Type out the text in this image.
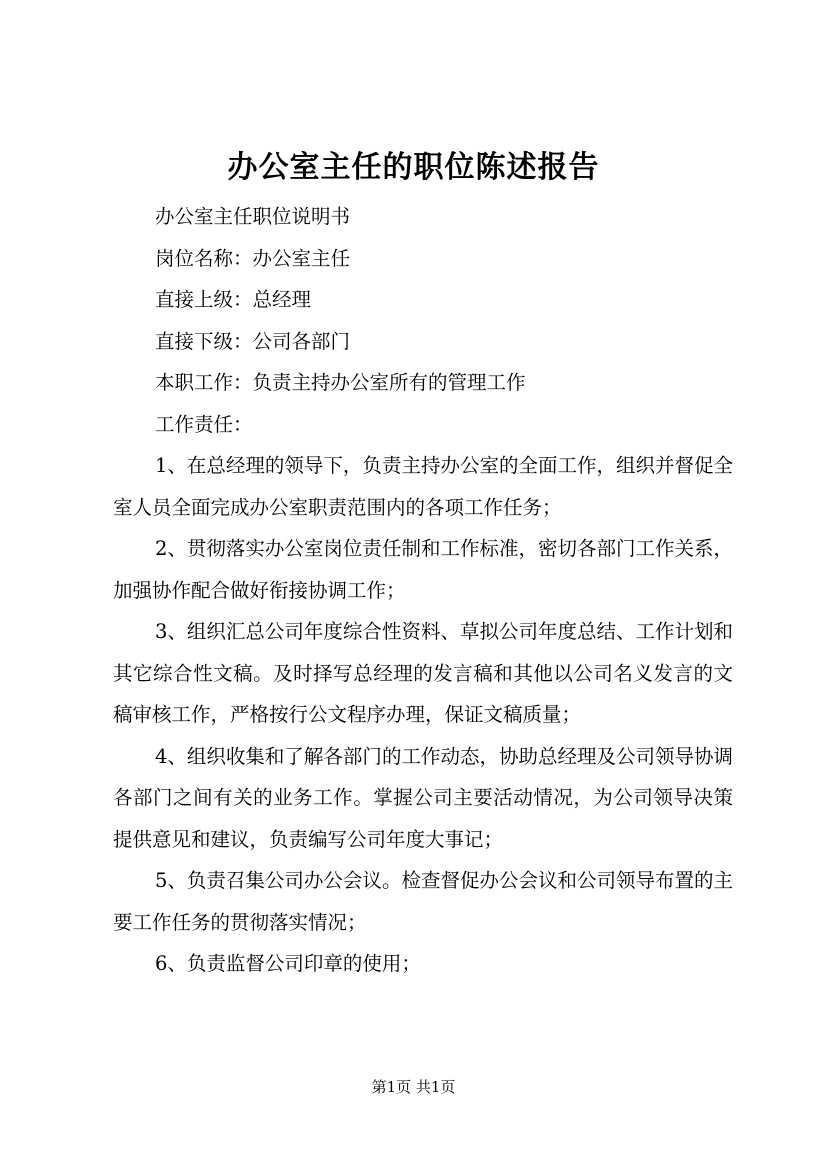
办公室主任的职位陈述报告

办公室主任职位说明书

岗位名称：办公室主任

直接上级：总经理

直接下级：公司各部门

本职工作：负责主持办公室所有的管理工作

工作责任：

1、在总经理的领导下，负责主持办公室的全面工作，组织并督促全室人员全面完成办公室职责范围内的各项工作任务；

2、贯彻落实办公室岗位责任制和工作标准，密切各部门工作关系，加强协作配合做好衔接协调工作；

3、组织汇总公司年度综合性资料、草拟公司年度总结、工作计划和其它综合性文稿。及时择写总经理的发言稿和其他以公司名义发言的文稿审核工作，严格按行公文程序办理，保证文稿质量；

4、组织收集和了解各部门的工作动态，协助总经理及公司领导协调各部门之间有关的业务工作。掌握公司主要活动情况，为公司领导决策提供意见和建议，负责编写公司年度大事记；

5、负责召集公司办公会议。检查督促办公会议和公司领导布置的主要工作任务的贯彻落实情况；

6、负责监督公司印章的使用；

第1页 共1页
